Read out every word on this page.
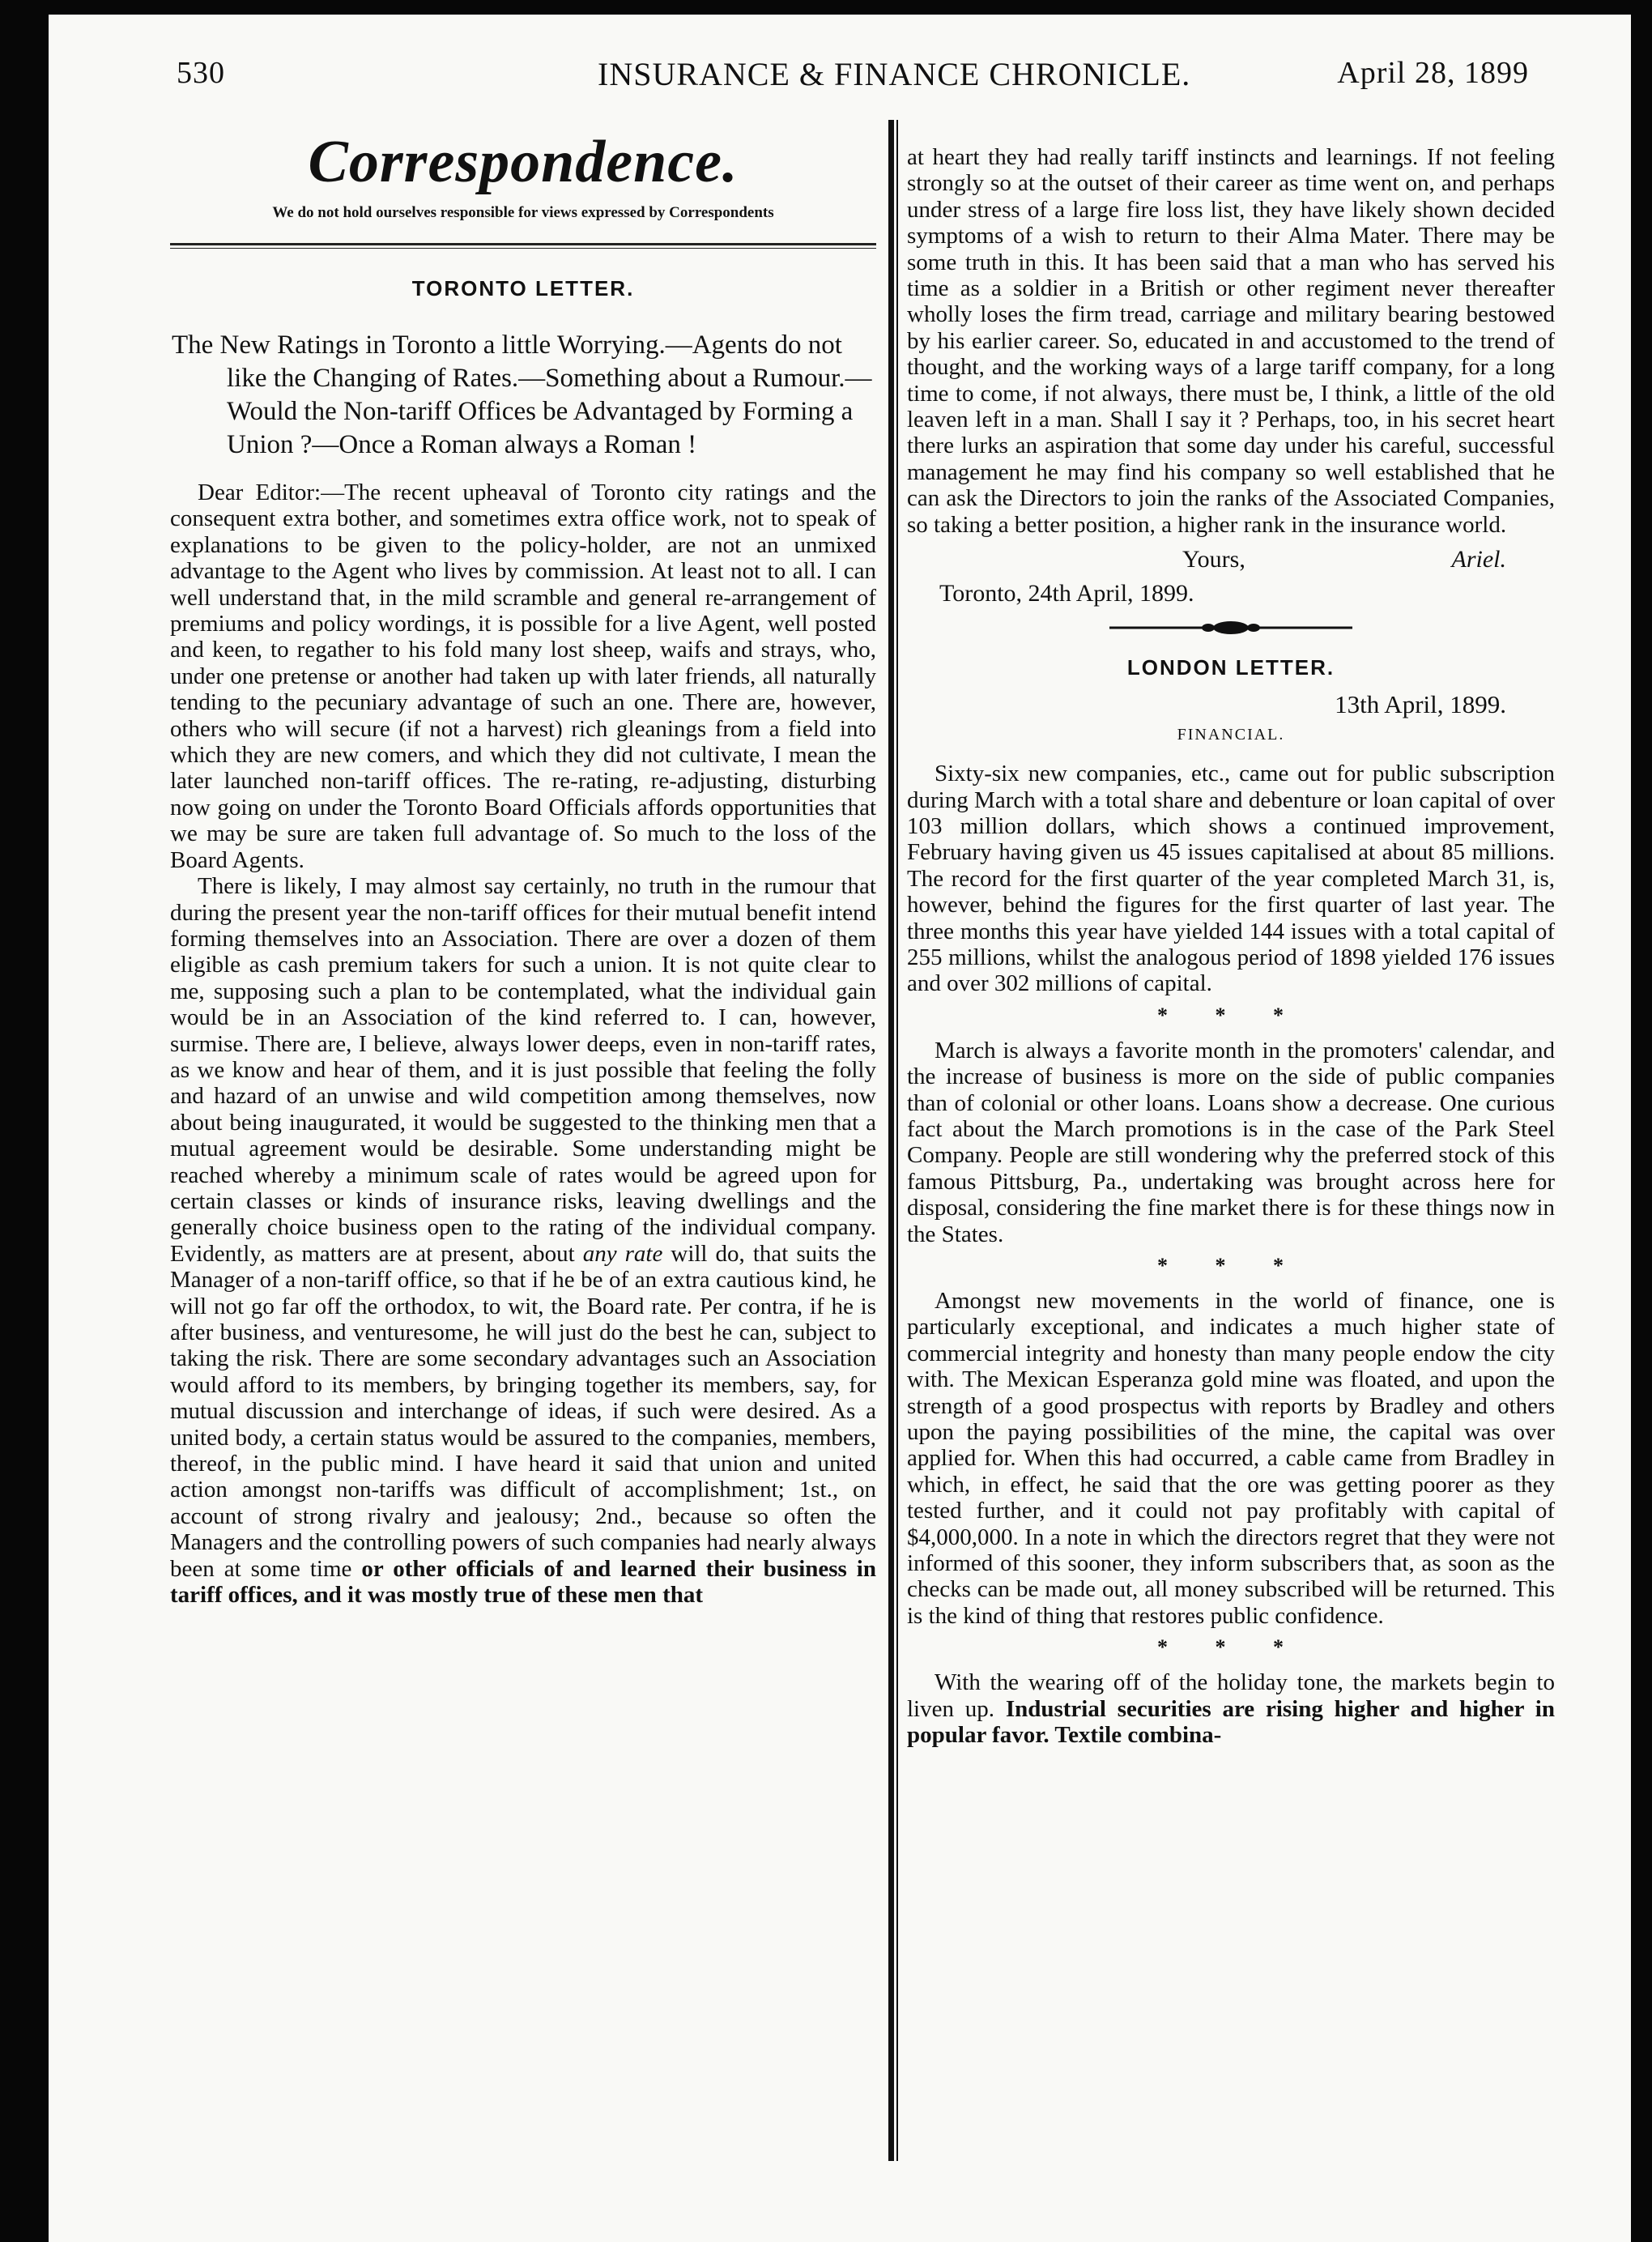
530	INSURANCE & FINANCE CHRONICLE.	April 28, 1899
Correspondence.
We do not hold ourselves responsible for views expressed by Correspondents
TORONTO LETTER.
The New Ratings in Toronto a little Worrying.—Agents do not like the Changing of Rates.—Something about a Rumour.—Would the Non-tariff Offices be Advantaged by Forming a Union ?—Once a Roman always a Roman !

Dear Editor:—The recent upheaval of Toronto city ratings and the consequent extra bother, and sometimes extra office work, not to speak of explanations to be given to the policy-holder, are not an unmixed advantage to the Agent who lives by commission. At least not to all. I can well understand that, in the mild scramble and general re-arrangement of premiums and policy wordings, it is possible for a live Agent, well posted and keen, to regather to his fold many lost sheep, waifs and strays, who, under one pretense or another had taken up with later friends, all naturally tending to the pecuniary advantage of such an one. There are, however, others who will secure (if not a harvest) rich gleanings from a field into which they are new comers, and which they did not cultivate, I mean the later launched non-tariff offices. The re-rating, re-adjusting, disturbing now going on under the Toronto Board Officials affords opportunities that we may be sure are taken full advantage of. So much to the loss of the Board Agents.

There is likely, I may almost say certainly, no truth in the rumour that during the present year the non-tariff offices for their mutual benefit intend forming themselves into an Association. There are over a dozen of them eligible as cash premium takers for such a union. It is not quite clear to me, supposing such a plan to be contemplated, what the individual gain would be in an Association of the kind referred to. I can, however, surmise. There are, I believe, always lower deeps, even in non-tariff rates, as we know and hear of them, and it is just possible that feeling the folly and hazard of an unwise and wild competition among themselves, now about being inaugurated, it would be suggested to the thinking men that a mutual agreement would be desirable. Some understanding might be reached whereby a minimum scale of rates would be agreed upon for certain classes or kinds of insurance risks, leaving dwellings and the generally choice business open to the rating of the individual company. Evidently, as matters are at present, about any rate will do, that suits the Manager of a non-tariff office, so that if he be of an extra cautious kind, he will not go far off the orthodox, to wit, the Board rate. Per contra, if he is after business, and venturesome, he will just do the best he can, subject to taking the risk. There are some secondary advantages such an Association would afford to its members, by bringing together its members, say, for mutual discussion and interchange of ideas, if such were desired. As a united body, a certain status would be assured to the companies, members, thereof, in the public mind. I have heard it said that union and united action amongst non-tariffs was difficult of accomplishment; 1st., on account of strong rivalry and jealousy; 2nd., because so often the Managers and the controlling powers of such companies had nearly always been at some time or other officials of and learned their business in tariff offices, and it was mostly true of these men that

at heart they had really tariff instincts and learnings. If not feeling strongly so at the outset of their career as time went on, and perhaps under stress of a large fire loss list, they have likely shown decided symptoms of a wish to return to their Alma Mater. There may be some truth in this. It has been said that a man who has served his time as a soldier in a British or other regiment never thereafter wholly loses the firm tread, carriage and military bearing bestowed by his earlier career. So, educated in and accustomed to the trend of thought, and the working ways of a large tariff company, for a long time to come, if not always, there must be, I think, a little of the old leaven left in a man. Shall I say it ? Perhaps, too, in his secret heart there lurks an aspiration that some day under his careful, successful management he may find his company so well established that he can ask the Directors to join the ranks of the Associated Companies, so taking a better position, a higher rank in the insurance world.

Yours,	Ariel.
Toronto, 24th April, 1899.
LONDON LETTER.
13th April, 1899.
FINANCIAL.

Sixty-six new companies, etc., came out for public subscription during March with a total share and debenture or loan capital of over 103 million dollars, which shows a continued improvement, February having given us 45 issues capitalised at about 85 millions. The record for the first quarter of the year completed March 31, is, however, behind the figures for the first quarter of last year. The three months this year have yielded 144 issues with a total capital of 255 millions, whilst the analogous period of 1898 yielded 176 issues and over 302 millions of capital.

* * *

March is always a favorite month in the promoters' calendar, and the increase of business is more on the side of public companies than of colonial or other loans. Loans show a decrease. One curious fact about the March promotions is in the case of the Park Steel Company. People are still wondering why the preferred stock of this famous Pittsburg, Pa., undertaking was brought across here for disposal, considering the fine market there is for these things now in the States.

* * *

Amongst new movements in the world of finance, one is particularly exceptional, and indicates a much higher state of commercial integrity and honesty than many people endow the city with. The Mexican Esperanza gold mine was floated, and upon the strength of a good prospectus with reports by Bradley and others upon the paying possibilities of the mine, the capital was over applied for. When this had occurred, a cable came from Bradley in which, in effect, he said that the ore was getting poorer as they tested further, and it could not pay profitably with capital of $4,000,000. In a note in which the directors regret that they were not informed of this sooner, they inform subscribers that, as soon as the checks can be made out, all money subscribed will be returned. This is the kind of thing that restores public confidence.

* * *

With the wearing off of the holiday tone, the markets begin to liven up. Industrial securities are rising higher and higher in popular favor. Textile combina-
